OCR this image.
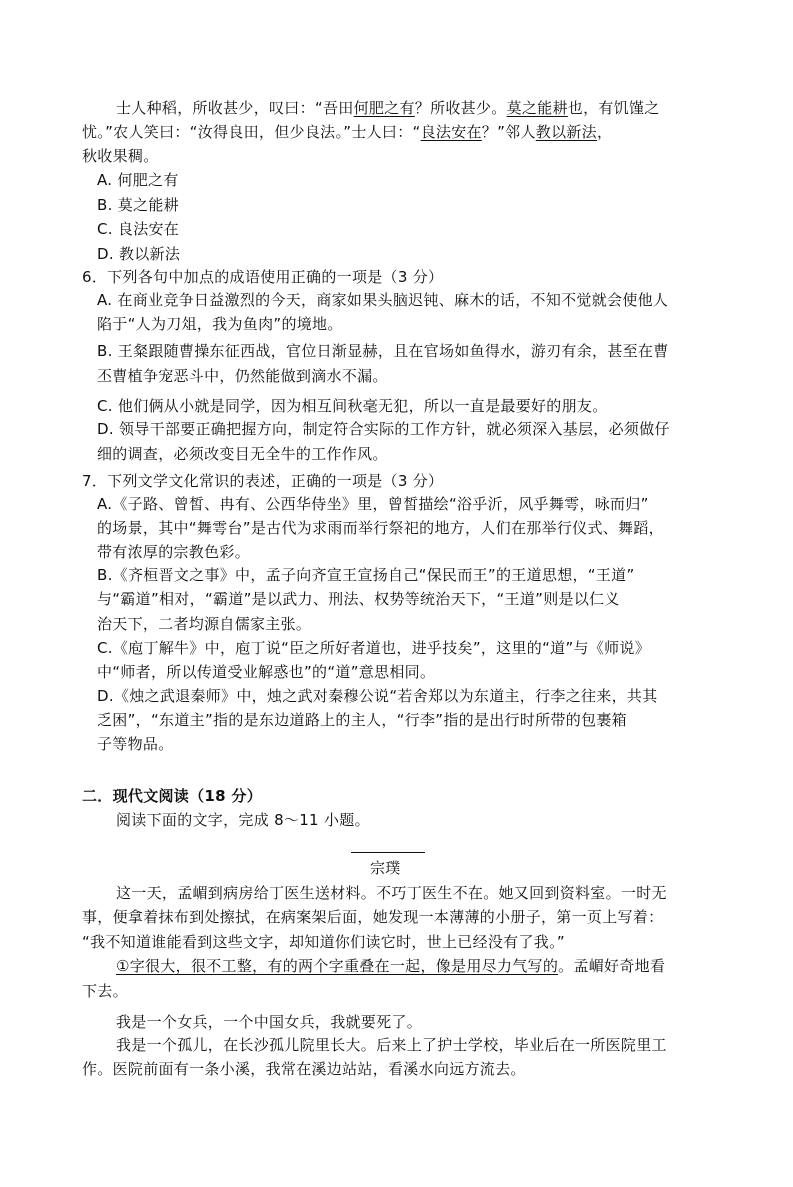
士人种稻，所收甚少，叹曰：“吾田何肥之有？所收甚少。莫之能耕也，有饥馑之
忧。”农人笑曰：“汝得良田，但少良法。”士人曰：“良法安在？”邻人教以新法，
秋收果稠。
A. 何肥之有
B. 莫之能耕
C. 良法安在
D. 教以新法
6．下列各句中加点的成语使用正确的一项是（3 分）
A. 在商业竞争日益激烈的今天，商家如果头脑迟钝、麻木的话，不知不觉就会使他人
陷于“人为刀俎，我为鱼肉”的境地。
B. 王粲跟随曹操东征西战，官位日渐显赫，且在官场如鱼得水，游刃有余，甚至在曹
丕曹植争宠恶斗中，仍然能做到滴水不漏。
C. 他们俩从小就是同学，因为相互间秋毫无犯，所以一直是最要好的朋友。
D. 领导干部要正确把握方向，制定符合实际的工作方针，就必须深入基层，必须做仔
细的调查，必须改变目无全牛的工作作风。
7．下列文学文化常识的表述，正确的一项是（3 分）
A.《子路、曾皙、冉有、公西华侍坐》里，曾皙描绘“浴乎沂，风乎舞雩，咏而归”
的场景，其中“舞雩台”是古代为求雨而举行祭祀的地方，人们在那举行仪式、舞蹈，
带有浓厚的宗教色彩。
B.《齐桓晋文之事》中，孟子向齐宣王宣扬自己“保民而王”的王道思想，“王道”
与“霸道”相对，“霸道”是以武力、刑法、权势等统治天下，“王道”则是以仁义
治天下，二者均源自儒家主张。
C.《庖丁解牛》中，庖丁说“臣之所好者道也，进乎技矣”，这里的“道”与《师说》
中“师者，所以传道受业解惑也”的“道”意思相同。
D.《烛之武退秦师》中，烛之武对秦穆公说“若舍郑以为东道主，行李之往来，共其
乏困”，“东道主”指的是东边道路上的主人，“行李”指的是出行时所带的包裹箱
子等物品。
二．现代文阅读（18 分）
阅读下面的文字，完成 8～11 小题。
宗璞
这一天，孟嵋到病房给丁医生送材料。不巧丁医生不在。她又回到资料室。一时无
事，便拿着抹布到处擦拭，在病案架后面，她发现一本薄薄的小册子，第一页上写着：
“我不知道谁能看到这些文字，却知道你们读它时，世上已经没有了我。”
①字很大，很不工整，有的两个字重叠在一起，像是用尽力气写的。孟嵋好奇地看
下去。
我是一个女兵，一个中国女兵，我就要死了。
我是一个孤儿，在长沙孤儿院里长大。后来上了护士学校，毕业后在一所医院里工
作。医院前面有一条小溪，我常在溪边站站，看溪水向远方流去。
